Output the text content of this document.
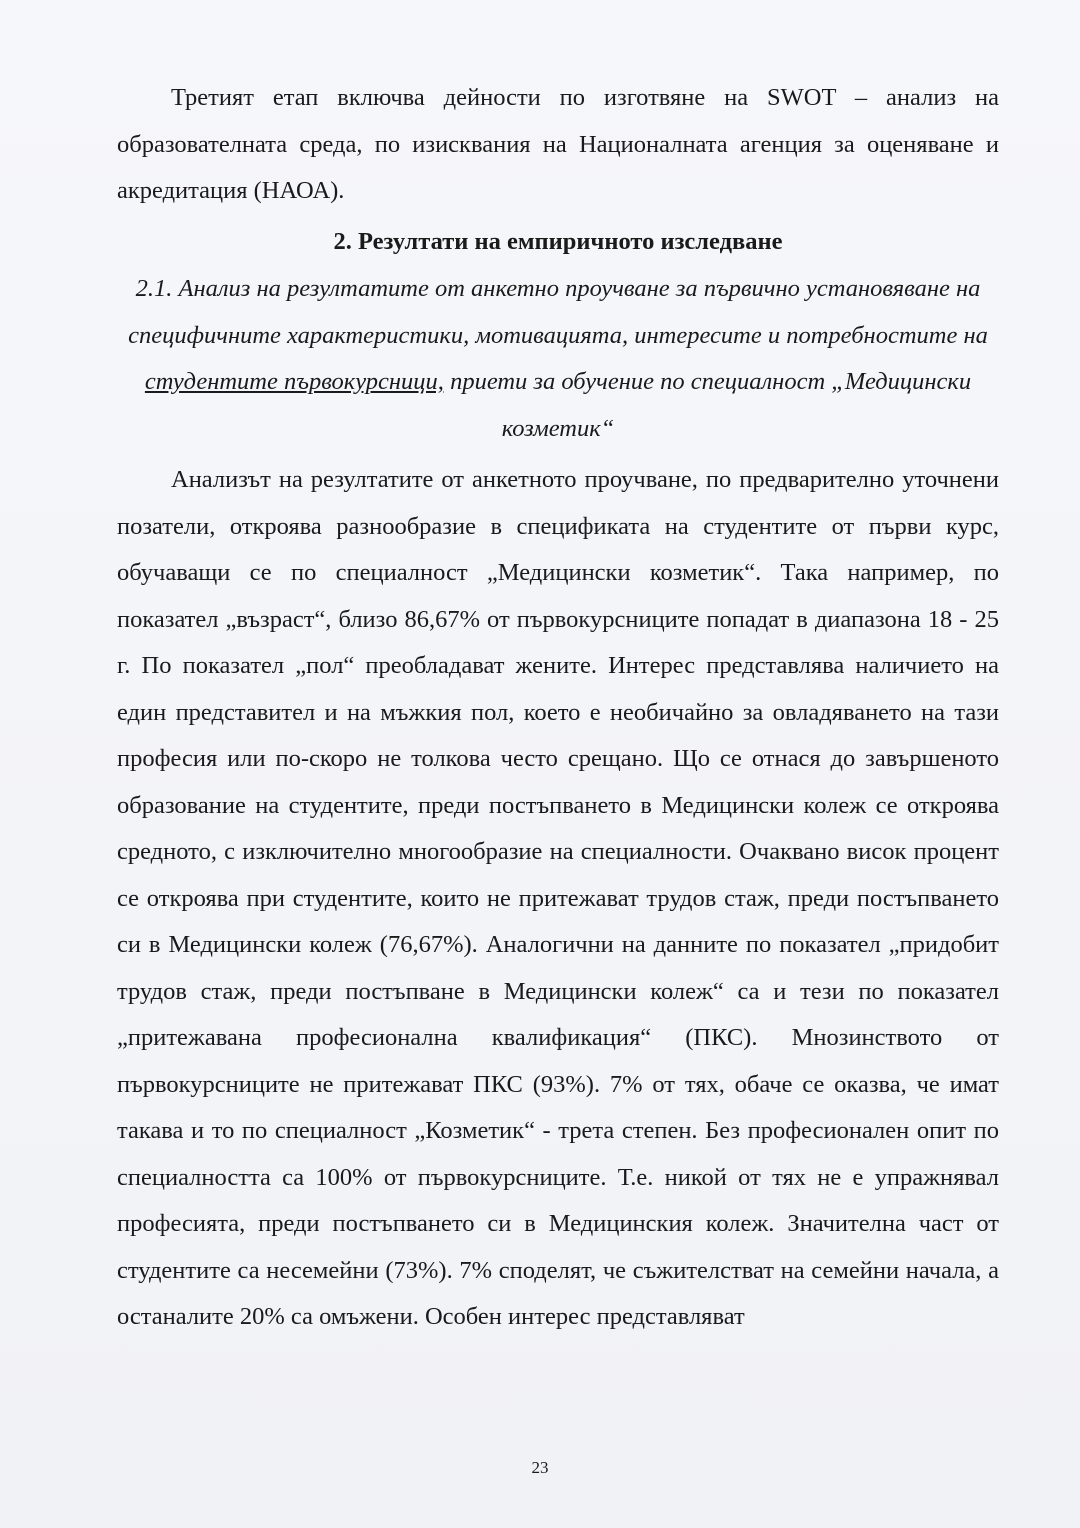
Третият етап включва дейности по изготвяне на SWOT – анализ на образователната среда, по изисквания на Националната агенция за оценяване и акредитация (НАОА).

2. Резултати на емпиричното изследване

2.1. Анализ на резултатите от анкетно проучване за първично установяване на специфичните характеристики, мотивацията, интересите и потребностите на студентите първокурсници, приети за обучение по специалност „Медицински козметик“

Анализът на резултатите от анкетното проучване, по предварително уточнени позатели, откроява разнообразие в спецификата на студентите от първи курс, обучаващи се по специалност „Медицински козметик“. Така например, по показател „възраст“, близо 86,67% от първокурсниците попадат в диапазона 18 - 25 г. По показател „пол“ преобладават жените. Интерес представлява наличието на един представител и на мъжкия пол, което е необичайно за овладяването на тази професия или по-скоро не толкова често срещано. Що се отнася до завършеното образование на студентите, преди постъпването в Медицински колеж се откроява средното, с изключително многообразие на специалности. Очаквано висок процент се откроява при студентите, които не притежават трудов стаж, преди постъпването си в Медицински колеж (76,67%). Аналогични на данните по показател „придобит трудов стаж, преди постъпване в Медицински колеж“ са и тези по показател „притежавана професионална квалификация“ (ПКС). Мнозинството от първокурсниците не притежават ПКС (93%). 7% от тях, обаче се оказва, че имат такава и то по специалност „Козметик“ - трета степен. Без професионален опит по специалността са 100% от първокурсниците. Т.е. никой от тях не е упражнявал професията, преди постъпването си в Медицинския колеж. Значителна част от студентите са несемейни (73%). 7% споделят, че съжителстват на семейни начала, а останалите 20% са омъжени. Особен интерес представляват

23
